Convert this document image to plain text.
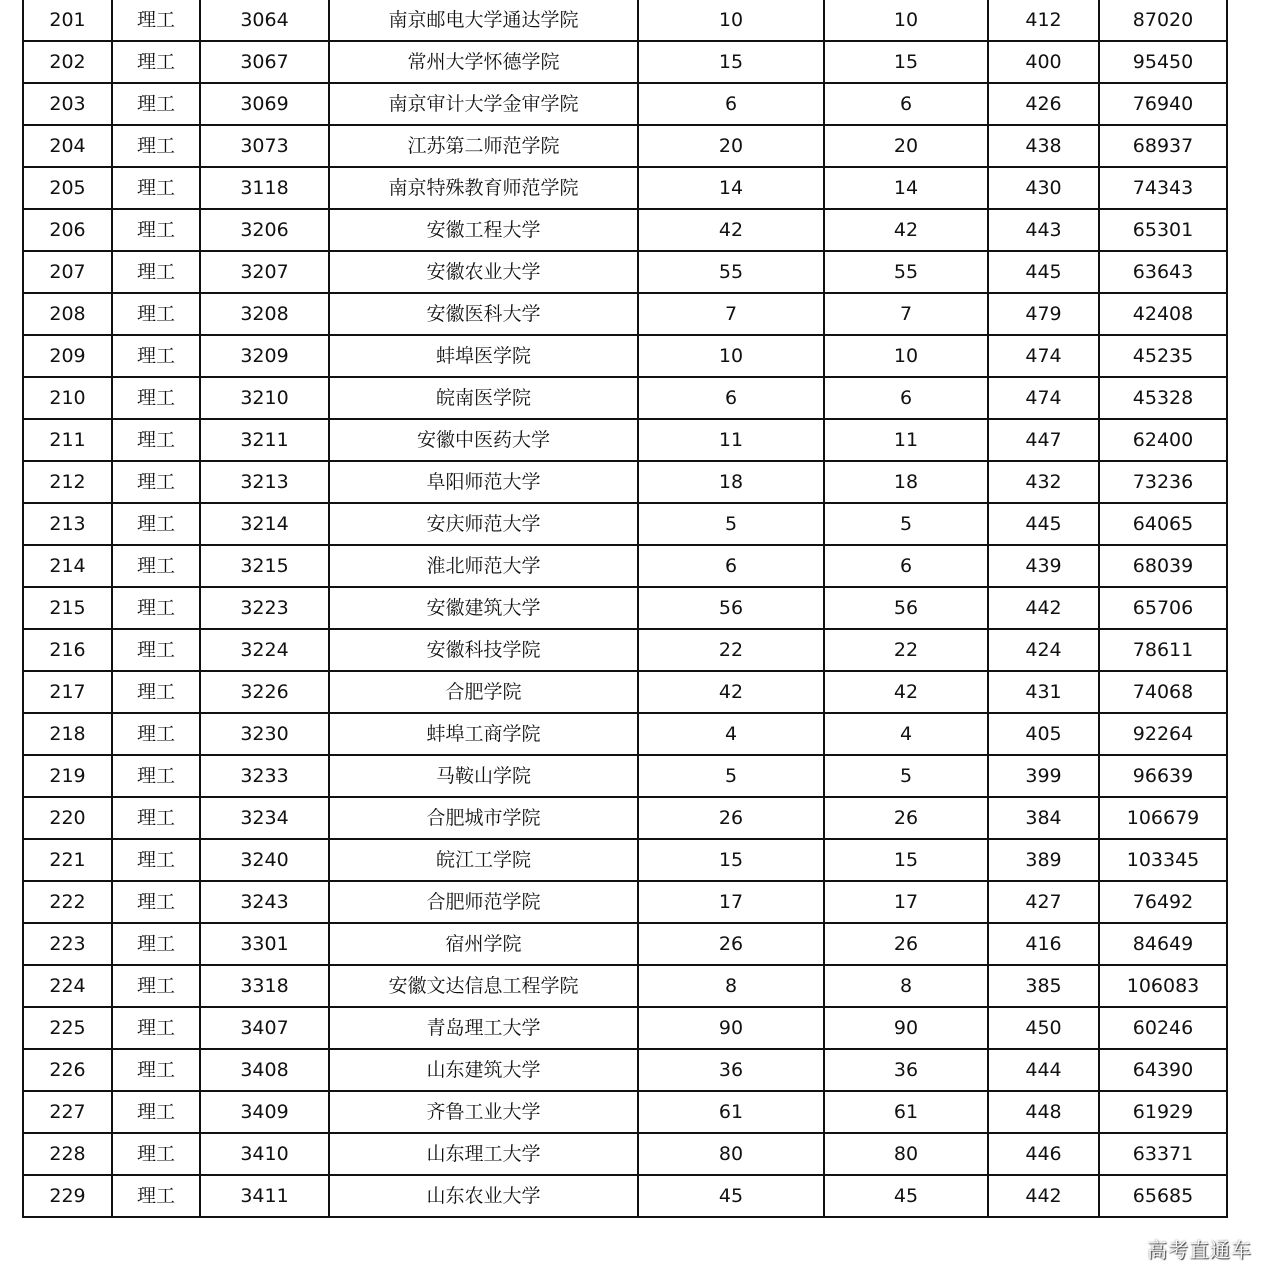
201	理工	3064	南京邮电大学通达学院	10	10	412	87020
202	理工	3067	常州大学怀德学院	15	15	400	95450
203	理工	3069	南京审计大学金审学院	6	6	426	76940
204	理工	3073	江苏第二师范学院	20	20	438	68937
205	理工	3118	南京特殊教育师范学院	14	14	430	74343
206	理工	3206	安徽工程大学	42	42	443	65301
207	理工	3207	安徽农业大学	55	55	445	63643
208	理工	3208	安徽医科大学	7	7	479	42408
209	理工	3209	蚌埠医学院	10	10	474	45235
210	理工	3210	皖南医学院	6	6	474	45328
211	理工	3211	安徽中医药大学	11	11	447	62400
212	理工	3213	阜阳师范大学	18	18	432	73236
213	理工	3214	安庆师范大学	5	5	445	64065
214	理工	3215	淮北师范大学	6	6	439	68039
215	理工	3223	安徽建筑大学	56	56	442	65706
216	理工	3224	安徽科技学院	22	22	424	78611
217	理工	3226	合肥学院	42	42	431	74068
218	理工	3230	蚌埠工商学院	4	4	405	92264
219	理工	3233	马鞍山学院	5	5	399	96639
220	理工	3234	合肥城市学院	26	26	384	106679
221	理工	3240	皖江工学院	15	15	389	103345
222	理工	3243	合肥师范学院	17	17	427	76492
223	理工	3301	宿州学院	26	26	416	84649
224	理工	3318	安徽文达信息工程学院	8	8	385	106083
225	理工	3407	青岛理工大学	90	90	450	60246
226	理工	3408	山东建筑大学	36	36	444	64390
227	理工	3409	齐鲁工业大学	61	61	448	61929
228	理工	3410	山东理工大学	80	80	446	63371
229	理工	3411	山东农业大学	45	45	442	65685
高考直通车
